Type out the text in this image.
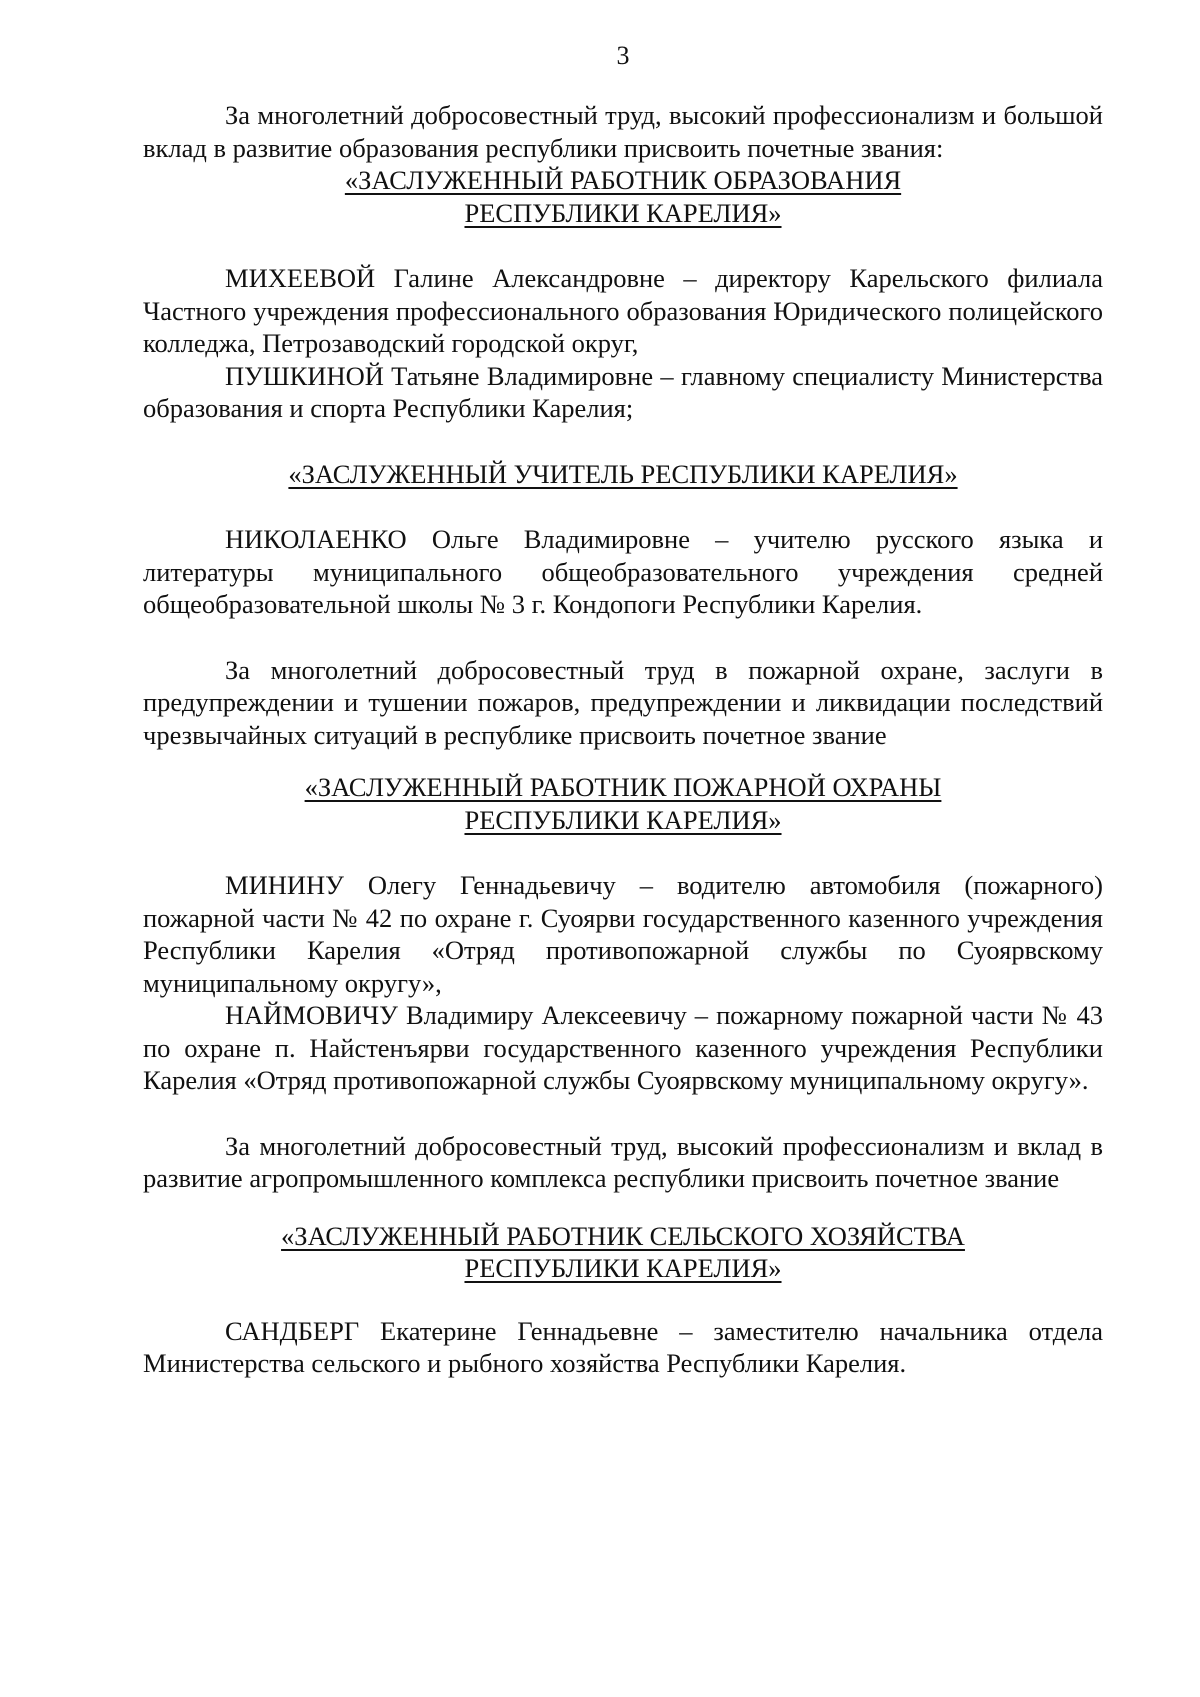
3

За многолетний добросовестный труд, высокий профессионализм и большой вклад в развитие образования республики присвоить почетные звания:

«ЗАСЛУЖЕННЫЙ РАБОТНИК ОБРАЗОВАНИЯ
РЕСПУБЛИКИ КАРЕЛИЯ»

МИХЕЕВОЙ Галине Александровне – директору Карельского филиала Частного учреждения профессионального образования Юридического полицейского колледжа, Петрозаводский городской округ,

ПУШКИНОЙ Татьяне Владимировне – главному специалисту Министерства образования и спорта Республики Карелия;

«ЗАСЛУЖЕННЫЙ УЧИТЕЛЬ РЕСПУБЛИКИ КАРЕЛИЯ»

НИКОЛАЕНКО Ольге Владимировне – учителю русского языка и литературы муниципального общеобразовательного учреждения средней общеобразовательной школы № 3 г. Кондопоги Республики Карелия.

За многолетний добросовестный труд в пожарной охране, заслуги в предупреждении и тушении пожаров, предупреждении и ликвидации последствий чрезвычайных ситуаций в республике присвоить почетное звание

«ЗАСЛУЖЕННЫЙ РАБОТНИК ПОЖАРНОЙ ОХРАНЫ
РЕСПУБЛИКИ КАРЕЛИЯ»

МИНИНУ Олегу Геннадьевичу – водителю автомобиля (пожарного) пожарной части № 42 по охране г. Суоярви государственного казенного учреждения Республики Карелия «Отряд противопожарной службы по Суоярвскому муниципальному округу»,

НАЙМОВИЧУ Владимиру Алексеевичу – пожарному пожарной части № 43 по охране п. Найстенъярви государственного казенного учреждения Республики Карелия «Отряд противопожарной службы Суоярвскому муниципальному округу».

За многолетний добросовестный труд, высокий профессионализм и вклад в развитие агропромышленного комплекса республики присвоить почетное звание

«ЗАСЛУЖЕННЫЙ РАБОТНИК СЕЛЬСКОГО ХОЗЯЙСТВА
РЕСПУБЛИКИ КАРЕЛИЯ»

САНДБЕРГ Екатерине Геннадьевне – заместителю начальника отдела Министерства сельского и рыбного хозяйства Республики Карелия.
